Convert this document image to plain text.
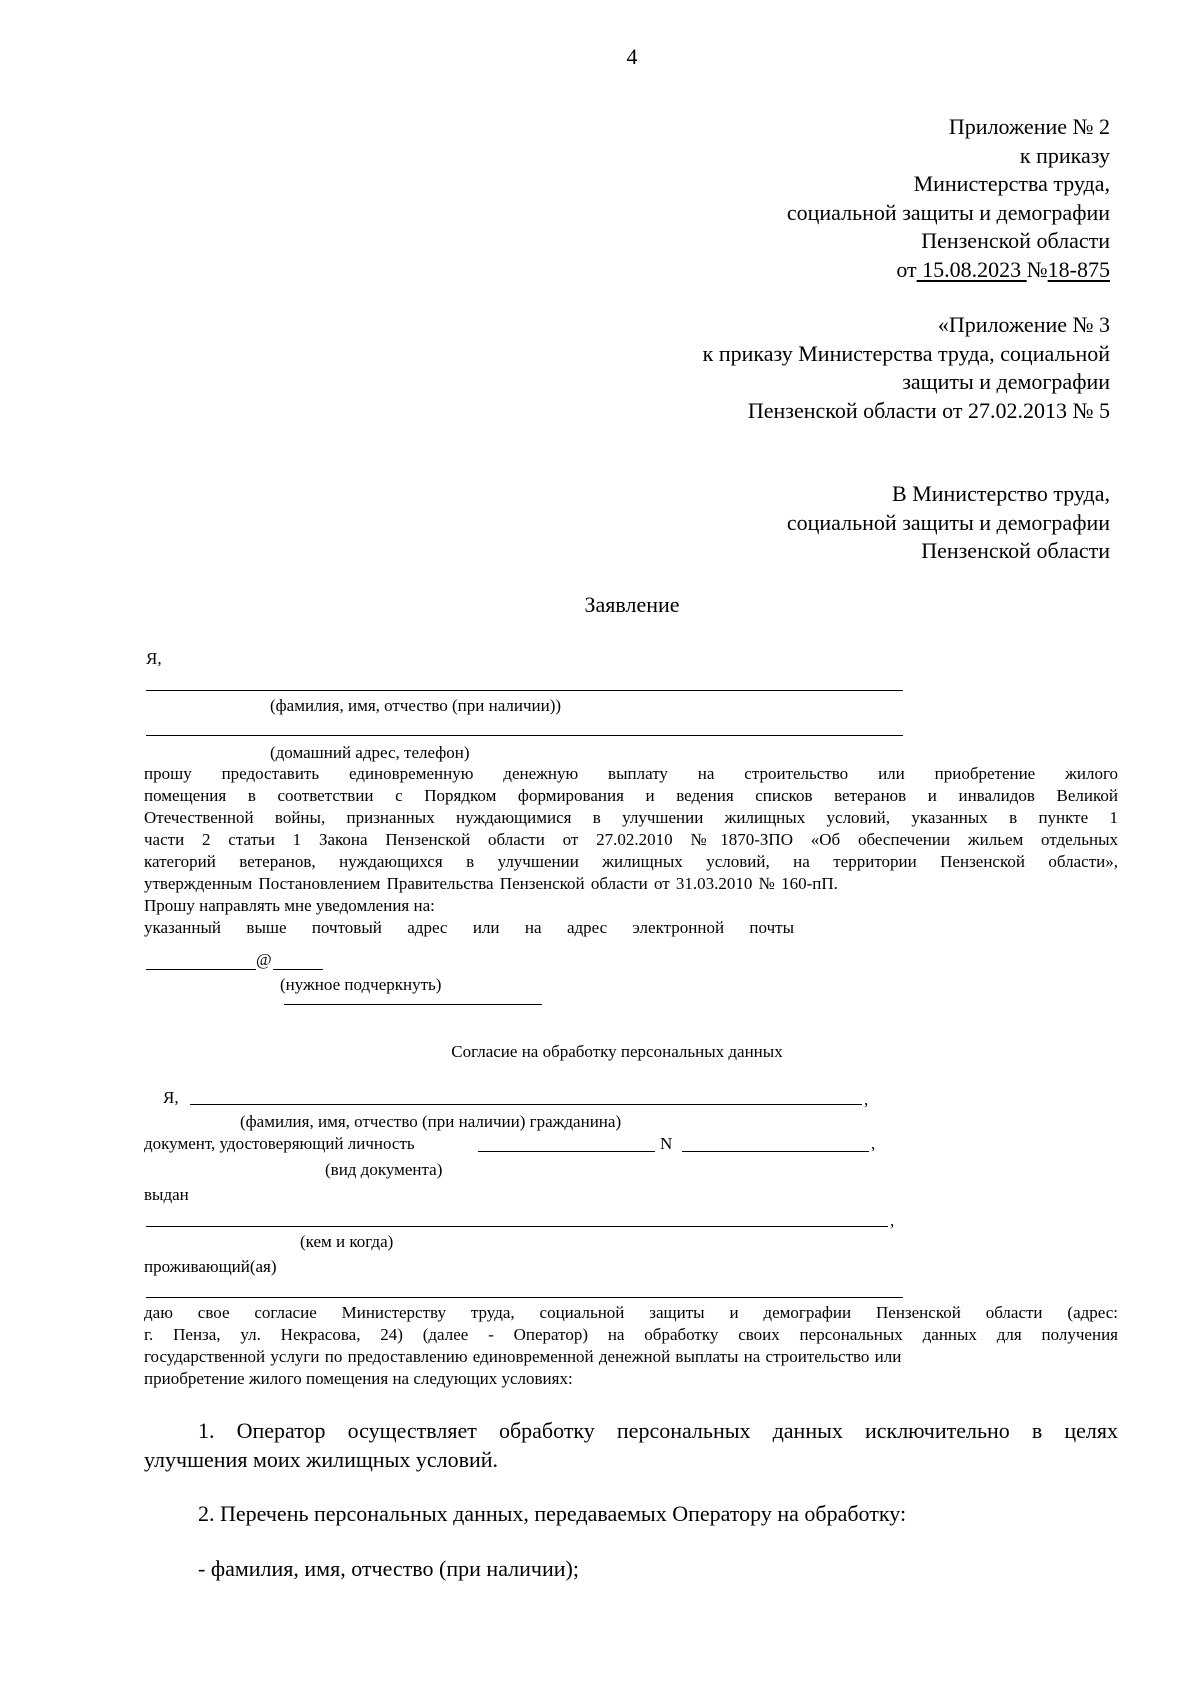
4
Приложение № 2
к приказу
Министерства труда,
социальной защиты и демографии
Пензенской области
от 15.08.2023 №18-875
«Приложение № 3
к приказу Министерства труда, социальной
защиты и демографии
Пензенской области от 27.02.2013 № 5
В Министерство труда,
социальной защиты и демографии
Пензенской области
Заявление
Я,
(фамилия, имя, отчество (при наличии))
(домашний адрес, телефон)
прошу предоставить единовременную денежную выплату на строительство или приобретение жилого
помещения в соответствии с Порядком формирования и ведения списков ветеранов и инвалидов Великой
Отечественной войны, признанных нуждающимися в улучшении жилищных условий, указанных в пункте 1
части 2 статьи 1 Закона Пензенской области от 27.02.2010 №1870-ЗПО «Об обеспечении жильем отдельных
категорий ветеранов, нуждающихся в улучшении жилищных условий, на территории Пензенской области»,
утвержденным Постановлением Правительства Пензенской области от 31.03.2010 № 160-пП.
Прошу направлять мне уведомления на:
указанный выше почтовый адрес или на адрес электронной почты
@
(нужное подчеркнуть)
Согласие на обработку персональных данных
Я,	,
(фамилия, имя, отчество (при наличии) гражданина)
документ, удостоверяющий личность	N	,
(вид документа)
выдан
,
(кем и когда)
проживающий(ая)
даю свое согласие Министерству труда, социальной защиты и демографии Пензенской области (адрес:
г. Пенза, ул. Некрасова, 24) (далее - Оператор) на обработку своих персональных данных для получения
государственной услуги по предоставлению единовременной денежной выплаты на строительство или
приобретение жилого помещения на следующих условиях:
1. Оператор осуществляет обработку персональных данных исключительно в целях
улучшения моих жилищных условий.
2. Перечень персональных данных, передаваемых Оператору на обработку:
- фамилия, имя, отчество (при наличии);
